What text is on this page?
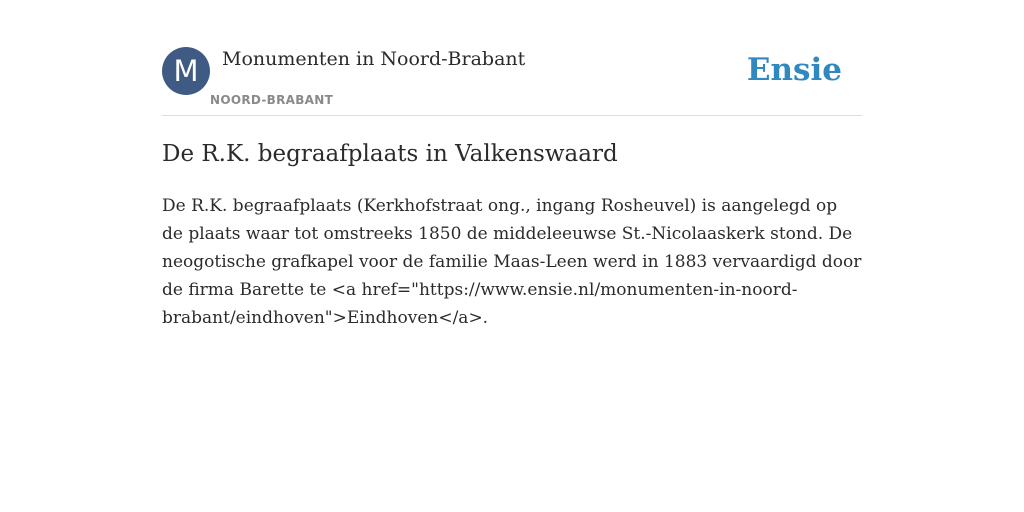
M	Monumenten in Noord-Brabant
NOORD-BRABANT
Ensie
De R.K. begraafplaats in Valkenswaard

De R.K. begraafplaats (Kerkhofstraat ong., ingang Rosheuvel) is aangelegd op de plaats waar tot omstreeks 1850 de middeleeuwse St.-Nicolaaskerk stond. De neogotische grafkapel voor de familie Maas-Leen werd in 1883 vervaardigd door de firma Barette te <a href="https://www.ensie.nl/monumenten-in-noord-brabant/eindhoven">Eindhoven</a>.
